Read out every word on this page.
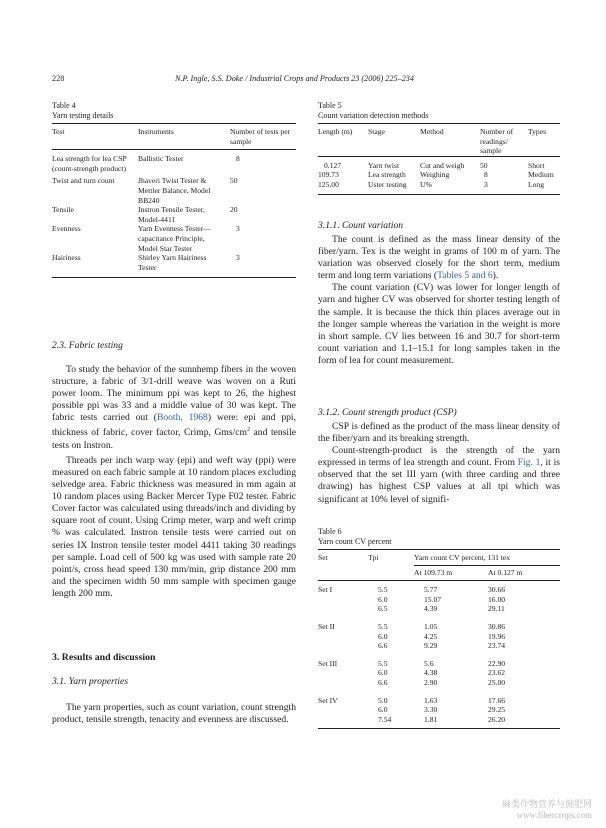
228	N.P. Ingle, S.S. Doke / Industrial Crops and Products 23 (2006) 225–234
Table 4
Yarn testing details
Test	Instruments	Number of tests per sample
Lea strength for lea CSP (count-strength product)	Ballistic Tester	8
Twist and turn count	Jhaveri Twist Tester & Mettler Balance, Model BB240	50
Tensile	Instron Tensile Tester, Model-4411	20
Evenness	Yarn Evenness Tester—capacitance Principle, Model Star Tester	3
Hairiness	Shirley Yarn Hairiness Tester	3
2.3. Fabric testing

To study the behavior of the sunnhemp fibers in the woven structure, a fabric of 3/1-drill weave was woven on a Ruti power loom. The minimum ppi was kept to 26, the highest possible ppi was 33 and a middle value of 30 was kept. The fabric tests carried out (Booth, 1968) were: epi and ppi, thickness of fabric, cover factor, Crimp, Gms/$cm^2$ and tensile tests on Instron.

Threads per inch warp way (epi) and weft way (ppi) were measured on each fabric sample at 10 random places excluding selvedge area. Fabric thickness was measured in mm again at 10 random places using Backer Mercer Type F02 tester. Fabric Cover factor was calculated using threads/inch and dividing by square root of count. Using Crimp meter, warp and weft crimp % was calculated. Instron tensile tests were carried out on series IX Instron tensile tester model 4411 taking 30 readings per sample. Load cell of 500 kg was used with sample rate 20 point/s, cross head speed 130 mm/min, grip distance 200 mm and the specimen width 50 mm sample with specimen gauge length 200 mm.

3. Results and discussion
3.1. Yarn properties

The yarn properties, such as count variation, count strength product, tensile strength, tenacity and evenness are discussed.

Table 5
Count variation detection methods
Length (m)	Stage	Method	Number of readings/ sample	Types
0.127	Yarn twist	Cut and weigh	50	Short
109.73	Lea strength	Weighing	8	Medium
125.00	Uster testing	U%	3	Long
3.1.1. Count variation

The count is defined as the mass linear density of the fiber/yarn. Tex is the weight in grams of 100 m of yarn. The variation was observed closely for the short term, medium term and long term variations (Tables 5 and 6).

The count variation (CV) was lower for longer length of yarn and higher CV was observed for shorter testing length of the sample. It is because the thick thin places average out in the longer sample whereas the variation in the weight is more in short sample. CV lies between 16 and 30.7 for short-term count variation and 1.1–15.1 for long samples taken in the form of lea for count measurement.

3.1.2. Count strength product (CSP)

CSP is defined as the product of the mass linear density of the fiber/yarn and its breaking strength.

Count-strength-product is the strength of the yarn expressed in terms of lea strength and count. From Fig. 1, it is observed that the set III yarn (with three carding and three drawing) has highest CSP values at all tpi which was significant at 10% level of signifi-

Table 6
Yarn count CV percent
Set	Tpi	Yarn count CV percent, 131 tex	
		At 109.73 m	At 0.127 m
Set I	5.5	5.77	30.66
	6.0	15.07	16.00
	6.5	4.39	29.11
Set II	5.5	1.05	30.86
	6.0	4.25	19.96
	6.6	9.29	23.74
Set III	5.5	5.6	22.90
	6.0	4.38	23.62
	6.6	2.90	25.00
Set IV	5.0	1.63	17.66
	6.0	3.30	29.25
	7.54	1.81	26.20
麻类作物营养与施肥网
www.fibercrops.com
